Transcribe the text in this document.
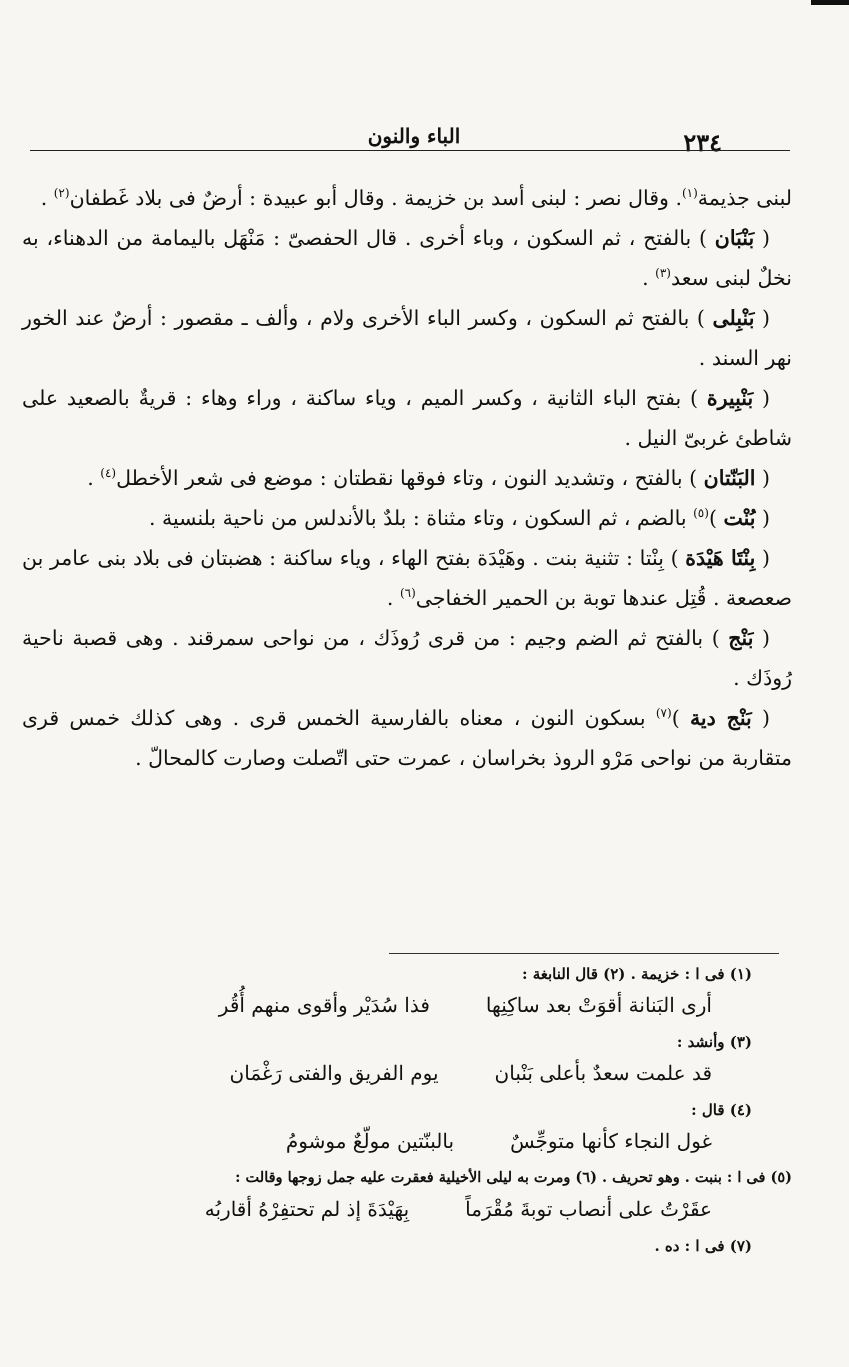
٢٣٤
الباء والنون

لبنى جذيمة$^{(١)}$. وقال نصر : لبنى أسد بن خزيمة . وقال أبو عبيدة : أرضٌ فى بلاد غَطفان$^{(٢)}$ .

( بَنْبَان ) بالفتح ، ثم السكون ، وباء أخرى . قال الحفصىّ : مَنْهَل باليمامة من الدهناء، به نخلٌ لبنى سعد$^{(٣)}$ .

( بَنْبِلى ) بالفتح ثم السكون ، وكسر الباء الأخرى ولام ، وألف ـ مقصور : أرضٌ عند الخور نهر السند .

( بَنْبِيرة ) بفتح الباء الثانية ، وكسر الميم ، وياء ساكنة ، وراء وهاء : قريةٌ بالصعيد على شاطئ غربىّ النيل .

( البَنّتان ) بالفتح ، وتشديد النون ، وتاء فوقها نقطتان : موضع فى شعر الأخطل$^{(٤)}$ .

( بُنْت )$^{(٥)}$ بالضم ، ثم السكون ، وتاء مثناة : بلدٌ بالأندلس من ناحية بلنسية .

( بِنْتَا هَيْدَة ) بِنْتا : تثنية بنت . وهَيْدَة بفتح الهاء ، وياء ساكنة : هضبتان فى بلاد بنى عامر بن صعصعة . قُتِل عندها توبة بن الحمير الخفاجى$^{(٦)}$ .

( بَنْج ) بالفتح ثم الضم وجيم : من قرى رُوذَك ، من نواحى سمرقند . وهى قصبة ناحية رُوذَك .

( بَنْج دية )$^{(٧)}$ بسكون النون ، معناه بالفارسية الخمس قرى . وهى كذلك خمس قرى متقاربة من نواحى مَرْو الروذ بخراسان ، عمرت حتى اتّصلت وصارت كالمحالّ .

(١) فى ا : خزيمة . (٢) قال النابغة :

أرى البَنانة أقوَتْ بعد ساكِنِها
فذا سُدَيْر وأقوى منهم أُقُر

(٣) وأنشد :

قد علمت سعدٌ بأعلى بَنْبان
يوم الفريق والفتى رَغْمَان

(٤) قال :

غول النجاء كأنها متوجِّسٌ
بالبنّتين مولّعٌ موشومُ

(٥) فى ا : بنبت . وهو تحريف . (٦) ومرت به ليلى الأخيلية فعقرت عليه جمل زوجها وقالت :

عقَرْتُ على أنصاب توبةَ مُقْرَماً
بِهَيْدَةَ إذ لم تحتفِرْهُ أقاربُه

(٧) فى ا : ده .
